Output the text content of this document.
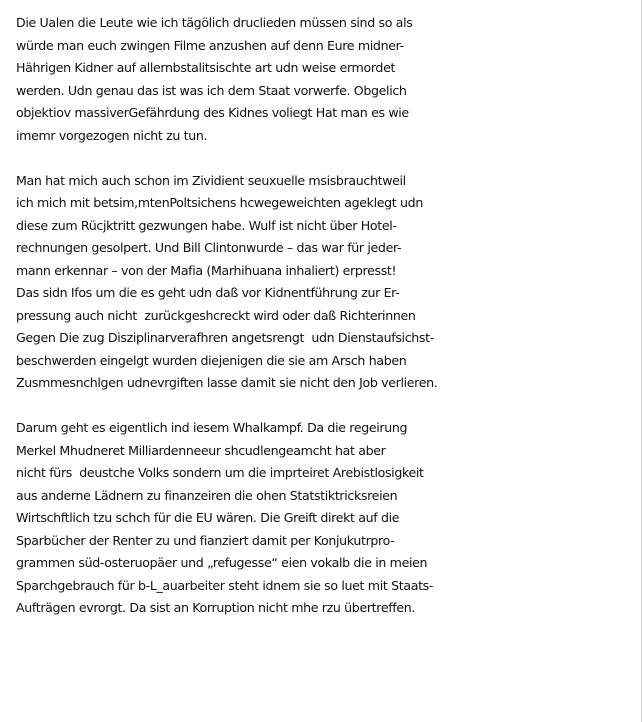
Die Ualen die Leute wie ich tägölich druclieden müssen sind so als
würde man euch zwingen Filme anzushen auf denn Eure midner-
Hährigen Kidner auf allernbstalitsischte art udn weise ermordet
werden. Udn genau das ist was ich dem Staat vorwerfe. Obgelich
objektiov massiverGefährdung des Kidnes voliegt Hat man es wie
imemr vorgezogen nicht zu tun.
Man hat mich auch schon im Zividient seuxuelle msisbrauchtweil
ich mich mit betsim,mtenPoltsichens hcwegeweichten ageklegt udn
diese zum Rücjktritt gezwungen habe. Wulf ist nicht über Hotel-
rechnungen gesolpert. Und Bill Clintonwurde – das war für jeder-
mann erkennar – von der Mafia (Marhihuana inhaliert) erpresst!
Das sidn Ifos um die es geht udn daß vor Kidnentführung zur Er-
pressung auch nicht  zurückgeshcreckt wird oder daß Richterinnen
Gegen Die zug Disziplinarverafhren angetsrengt  udn Dienstaufsichst-
beschwerden eingelgt wurden diejenigen die sie am Arsch haben
Zusmmesnchlgen udnevrgiften lasse damit sie nicht den Job verlieren.
Darum geht es eigentlich ind iesem Whalkampf. Da die regeirung
Merkel Mhudneret Milliardenneeur shcudlengeamcht hat aber
nicht fürs  deustche Volks sondern um die imprteiret Arebistlosigkeit
aus anderne Lädnern zu finanzeiren die ohen Statstiktricksreien
Wirtschftlich tzu schch für die EU wären. Die Greift direkt auf die
Sparbücher der Renter zu und fianziert damit per Konjukutrpro-
grammen süd-osteruopäer und „refugesse“ eien vokalb die in meien
Sparchgebrauch für b-L_auarbeiter steht idnem sie so luet mit Staats-
Aufträgen evrorgt. Da sist an Korruption nicht mhe rzu übertreffen.
